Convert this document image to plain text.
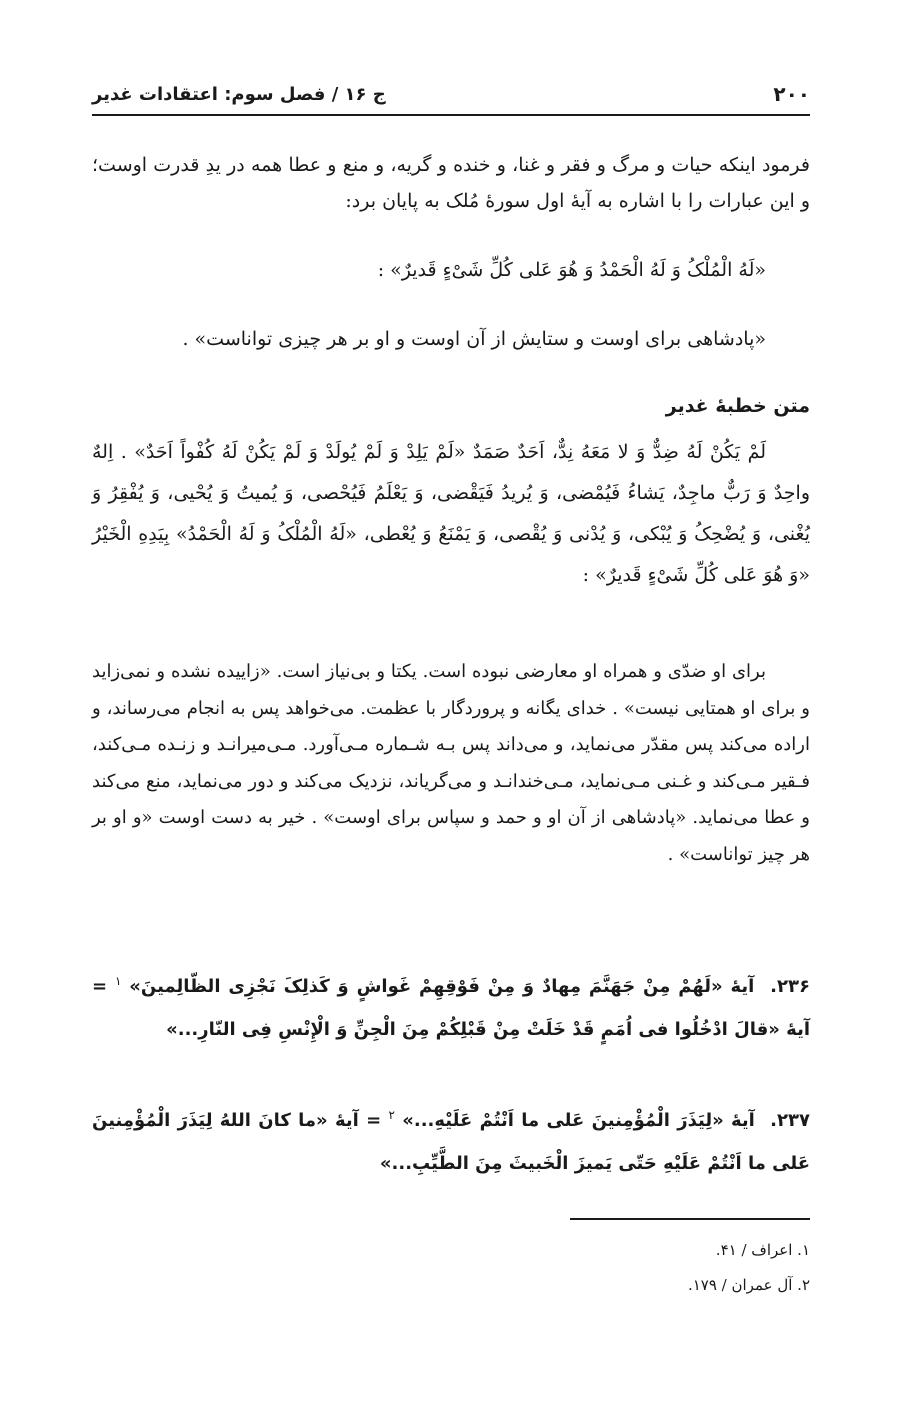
۲۰۰
ج ۱۶ / فصل سوم: اعتقادات غدیر
فرمود اینکه حیات و مرگ و فقر و غنا، و خنده و گریه، و منع و عطا همه در یدِ قدرت اوست؛ و این عبارات را با اشاره به آیهٔ اول سورهٔ مُلک به پایان برد:
«لَهُ الْمُلْکُ وَ لَهُ الْحَمْدُ وَ هُوَ عَلی کُلِّ شَیْءٍ قَدیرٌ» :
«پادشاهی برای اوست و ستایش از آن اوست و او بر هر چیزی تواناست» .
متن خطبهٔ غدیر
لَمْ یَکُنْ لَهُ ضِدٌّ وَ لا مَعَهُ نِدٌّ، اَحَدٌ صَمَدٌ «لَمْ یَلِدْ وَ لَمْ یُولَدْ وَ لَمْ یَکُنْ لَهُ کُفْواً اَحَدٌ» . اِلهٌ واحِدٌ وَ رَبٌّ ماجِدٌ، یَشاءُ فَیُمْضی، وَ یُریدُ فَیَقْضی، وَ یَعْلَمُ فَیُحْصی، وَ یُمیتُ وَ یُحْیی، وَ یُفْقِرُ وَ یُغْنی، وَ یُضْحِکُ وَ یُبْکی، وَ یُدْنی وَ یُقْصی، وَ یَمْنَعُ وَ یُعْطی، «لَهُ الْمُلْکُ وَ لَهُ الْحَمْدُ» بِیَدِهِ الْخَیْرُ «وَ هُوَ عَلی کُلِّ شَیْءٍ قَدیرٌ» :
برای او ضدّی و همراه او معارضی نبوده است. یکتا و بی‌نیاز است. «زاییده نشده و نمی‌زاید و برای او همتایی نیست» . خدای یگانه و پروردگار با عظمت. می‌خواهد پس به انجام می‌رساند، و اراده می‌کند پس مقدّر می‌نماید، و می‌داند پس بـه شـماره مـی‌آورد. مـی‌میرانـد و زنـده مـی‌کند، فـقیر مـی‌کند و غـنی مـی‌نماید، مـی‌خندانـد و می‌گریاند، نزدیک می‌کند و دور می‌نماید، منع می‌کند و عطا می‌نماید. «پادشاهی از آن او و حمد و سپاس برای اوست» . خیر به دست اوست «و او بر هر چیز تواناست» .
۲۳۶. آیهٔ «لَهُمْ مِنْ جَهَنَّمَ مِهادٌ وَ مِنْ فَوْقِهِمْ غَواشٍ وَ کَذلِکَ نَجْزِی الظّالِمینَ» $^۱$ = آیهٔ «قالَ ادْخُلُوا فی اُمَمٍ قَدْ خَلَتْ مِنْ قَبْلِکُمْ مِنَ الْجِنِّ وَ الْإِنْسِ فِی النّارِ...»
۲۳۷. آیهٔ «لِیَذَرَ الْمُؤْمِنینَ عَلی ما اَنْتُمْ عَلَیْهِ...» $^۲$ = آیهٔ «ما کانَ اللهُ لِیَذَرَ الْمُؤْمِنینَ عَلی ما اَنْتُمْ عَلَیْهِ حَتّی یَمیزَ الْخَبیثَ مِنَ الطَّیِّبِ...»
۱. اعراف / ۴۱.
۲. آل عمران / ۱۷۹.
